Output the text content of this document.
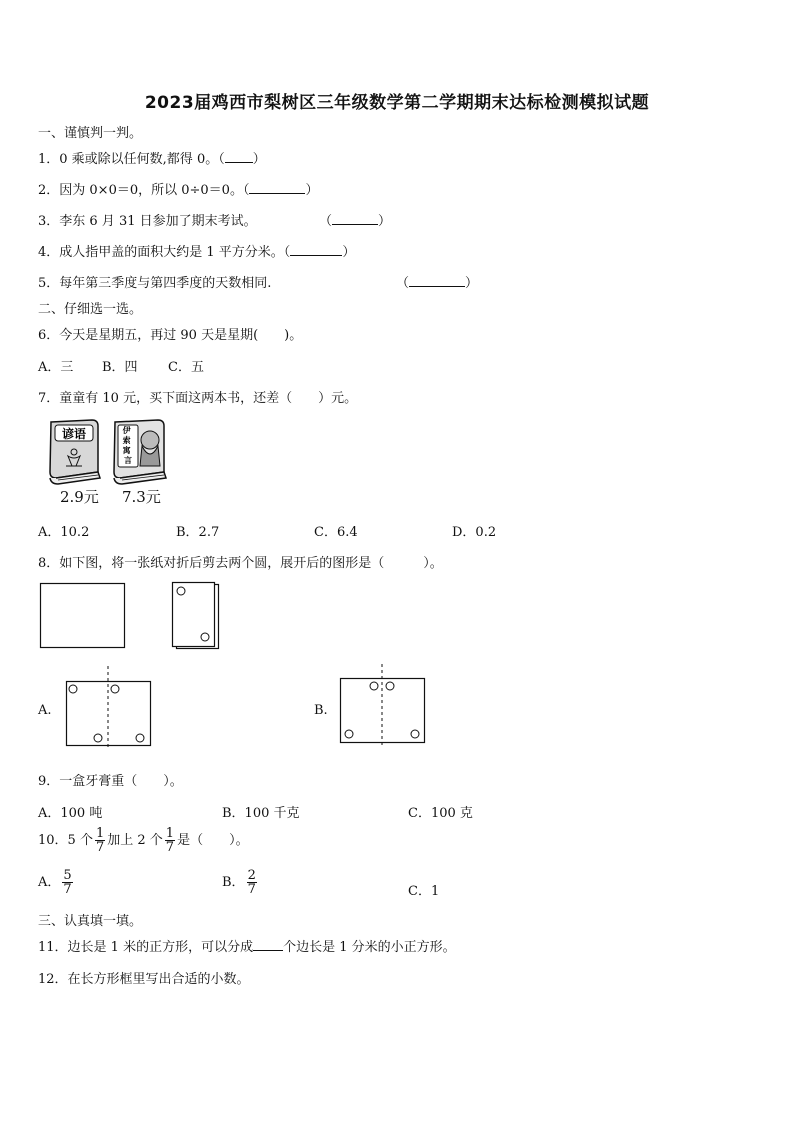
2023届鸡西市梨树区三年级数学第二学期期末达标检测模拟试题
一、谨慎判一判。
1．0 乘或除以任何数,都得 0。（ ）
2．因为 0×0＝0，所以 0÷0＝0。（	）
3．李东 6 月 31 日参加了期末考试。	（	）
4．成人指甲盖的面积大约是 1 平方分米。（	）
5．每年第三季度与第四季度的天数相同.	（	）
二、仔细选一选。
6．今天是星期五，再过 90 天是星期(　　)。
A．三 B．四 C．五
7．童童有 10 元，买下面这两本书，还差（　　）元。
谚语
2.9元
伊 索 寓 言
7.3元
A．10.2	B．2.7	C．6.4	D．0.2
8．如下图，将一张纸对折后剪去两个圆，展开后的图形是（　　　）。
A.	B.
9．一盒牙膏重（　　）。
A．100 吨	B．100 千克	C．100 克
10．5 个 $\frac{1}{7}$ 加上 2 个 $\frac{1}{7}$ 是（　　）。
A． $\frac{5}{7}$	B． $\frac{2}{7}$	C．1
三、认真填一填。
11．边长是 1 米的正方形，可以分成 个边长是 1 分米的小正方形。
12．在长方形框里写出合适的小数。
